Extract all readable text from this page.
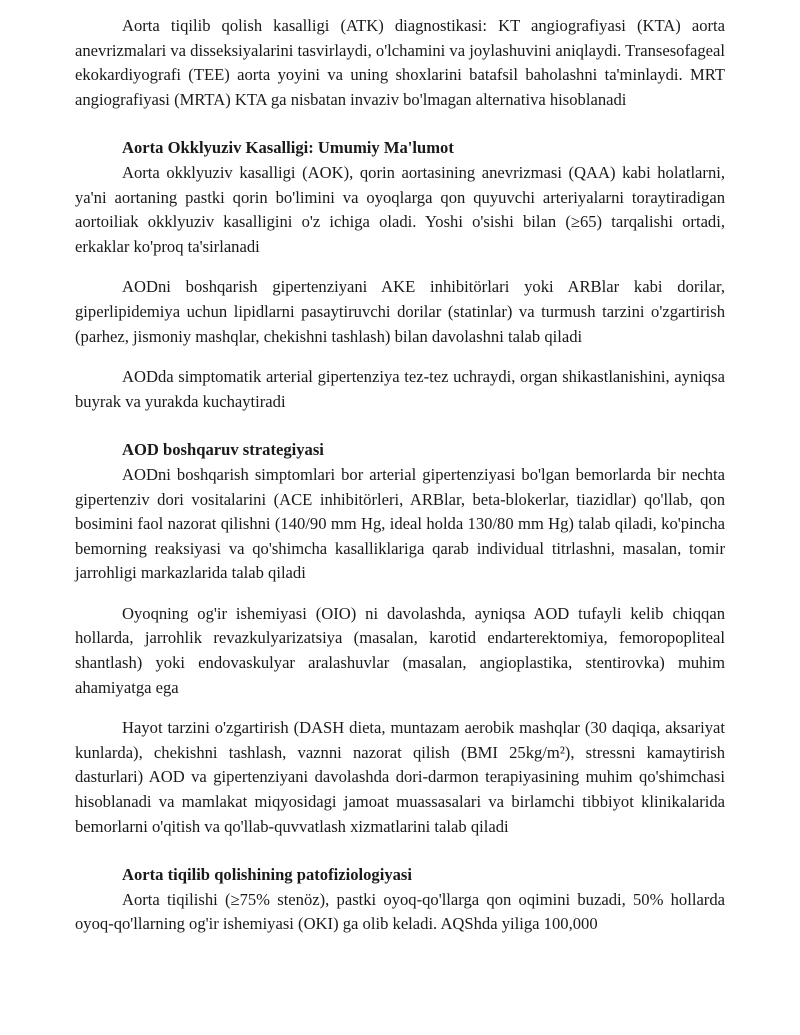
Aorta tiqilib qolish kasalligi (ATK) diagnostikasi: KT angiografiyasi (KTA) aorta anevrizmalari va disseksiyalarini tasvirlaydi, o'lchamini va joylashuvini aniqlaydi. Transesofageal ekokardiyografi (TEE) aorta yoyini va uning shoxlarini batafsil baholashni ta'minlaydi. MRT angiografiyasi (MRTA) KTA ga nisbatan invaziv bo'lmagan alternativa hisoblanadi

Aorta Okklyuziv Kasalligi: Umumiy Ma'lumot

Aorta okklyuziv kasalligi (AOK), qorin aortasining anevrizmasi (QAA) kabi holatlarni, ya'ni aortaning pastki qorin bo'limini va oyoqlarga qon quyuvchi arteriyalarni toraytiradigan aortoiliak okklyuziv kasalligini o'z ichiga oladi. Yoshi o'sishi bilan (≥65) tarqalishi ortadi, erkaklar ko'proq ta'sirlanadi

AODni boshqarish gipertenziyani AKE inhibitörlari yoki ARBlar kabi dorilar, giperlipidemiya uchun lipidlarni pasaytiruvchi dorilar (statinlar) va turmush tarzini o'zgartirish (parhez, jismoniy mashqlar, chekishni tashlash) bilan davolashni talab qiladi

AODda simptomatik arterial gipertenziya tez-tez uchraydi, organ shikastlanishini, ayniqsa buyrak va yurakda kuchaytiradi

AOD boshqaruv strategiyasi

AODni boshqarish simptomlari bor arterial gipertenziyasi bo'lgan bemorlarda bir nechta gipertenziv dori vositalarini (ACE inhibitörleri, ARBlar, beta-blokerlar, tiazidlar) qo'llab, qon bosimini faol nazorat qilishni (140/90 mm Hg, ideal holda 130/80 mm Hg) talab qiladi, ko'pincha bemorning reaksiyasi va qo'shimcha kasalliklariga qarab individual titrlashni, masalan, tomir jarrohligi markazlarida talab qiladi

Oyoqning og'ir ishemiyasi (OIO) ni davolashda, ayniqsa AOD tufayli kelib chiqqan hollarda, jarrohlik revazkulyarizatsiya (masalan, karotid endarterektomiya, femoropopliteal shantlash) yoki endovaskulyar aralashuvlar (masalan, angioplastika, stentirovka) muhim ahamiyatga ega

Hayot tarzini o'zgartirish (DASH dieta, muntazam aerobik mashqlar (30 daqiqa, aksariyat kunlarda), chekishni tashlash, vaznni nazorat qilish (BMI 25kg/m²), stressni kamaytirish dasturlari) AOD va gipertenziyani davolashda dori-darmon terapiyasining muhim qo'shimchasi hisoblanadi va mamlakat miqyosidagi jamoat muassasalari va birlamchi tibbiyot klinikalarida bemorlarni o'qitish va qo'llab-quvvatlash xizmatlarini talab qiladi

Aorta tiqilib qolishining patofiziologiyasi

Aorta tiqilishi (≥75% stenöz), pastki oyoq-qo'llarga qon oqimini buzadi, 50% hollarda oyoq-qo'llarning og'ir ishemiyasi (OKI) ga olib keladi. AQShda yiliga 100,000
